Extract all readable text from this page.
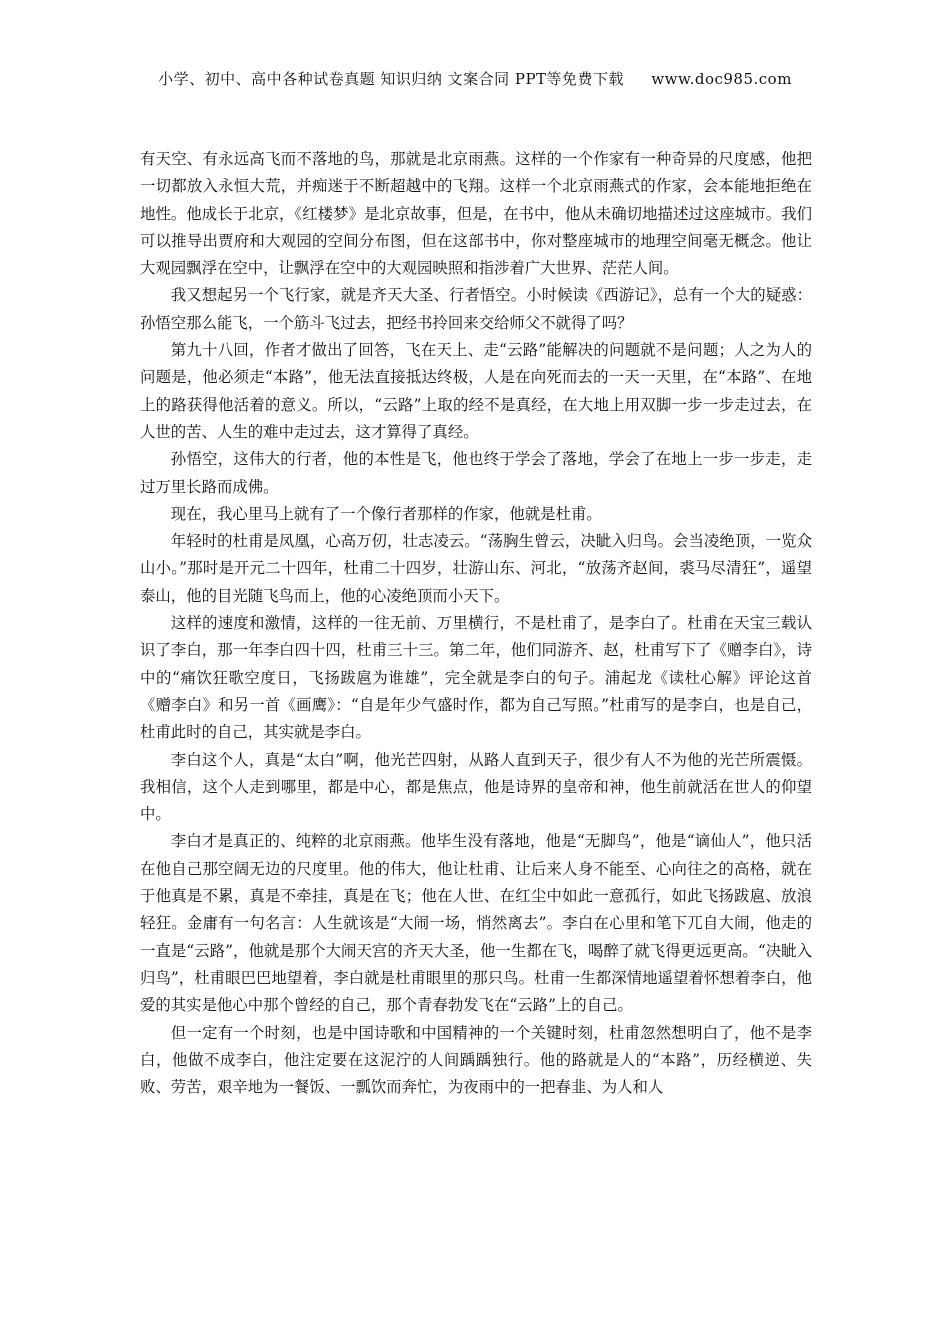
小学、初中、高中各种试卷真题 知识归纳 文案合同 PPT等免费下载 www.doc985.com

有天空、有永远高飞而不落地的鸟，那就是北京雨燕。这样的一个作家有一种奇异的尺度感，他把一切都放入永恒大荒，并痴迷于不断超越中的飞翔。这样一个北京雨燕式的作家，会本能地拒绝在地性。他成长于北京，《红楼梦》是北京故事，但是，在书中，他从未确切地描述过这座城市。我们可以推导出贾府和大观园的空间分布图，但在这部书中，你对整座城市的地理空间毫无概念。他让大观园飘浮在空中，让飘浮在空中的大观园映照和指涉着广大世界、茫茫人间。

我又想起另一个飞行家，就是齐天大圣、行者悟空。小时候读《西游记》，总有一个大的疑惑：孙悟空那么能飞，一个筋斗飞过去，把经书拎回来交给师父不就得了吗？

第九十八回，作者才做出了回答，飞在天上、走“云路”能解决的问题就不是问题；人之为人的问题是，他必须走“本路”，他无法直接抵达终极，人是在向死而去的一天一天里，在“本路”、在地上的路获得他活着的意义。所以，“云路”上取的经不是真经，在大地上用双脚一步一步走过去，在人世的苦、人生的难中走过去，这才算得了真经。

孙悟空，这伟大的行者，他的本性是飞，他也终于学会了落地，学会了在地上一步一步走，走过万里长路而成佛。

现在，我心里马上就有了一个像行者那样的作家，他就是杜甫。

年轻时的杜甫是凤凰，心高万仞，壮志凌云。“荡胸生曾云，决眦入归鸟。会当凌绝顶，一览众山小。”那时是开元二十四年，杜甫二十四岁，壮游山东、河北，“放荡齐赵间，裘马尽清狂”，遥望泰山，他的目光随飞鸟而上，他的心凌绝顶而小天下。

这样的速度和激情，这样的一往无前、万里横行，不是杜甫了，是李白了。杜甫在天宝三载认识了李白，那一年李白四十四，杜甫三十三。第二年，他们同游齐、赵，杜甫写下了《赠李白》，诗中的“痛饮狂歌空度日，飞扬跋扈为谁雄”，完全就是李白的句子。浦起龙《读杜心解》评论这首《赠李白》和另一首《画鹰》：“自是年少气盛时作，都为自己写照。”杜甫写的是李白，也是自己，杜甫此时的自己，其实就是李白。

李白这个人，真是“太白”啊，他光芒四射，从路人直到天子，很少有人不为他的光芒所震慑。我相信，这个人走到哪里，都是中心，都是焦点，他是诗界的皇帝和神，他生前就活在世人的仰望中。

李白才是真正的、纯粹的北京雨燕。他毕生没有落地，他是“无脚鸟”，他是“谪仙人”，他只活在他自己那空阔无边的尺度里。他的伟大，他让杜甫、让后来人身不能至、心向往之的高格，就在于他真是不累，真是不牵挂，真是在飞；他在人世、在红尘中如此一意孤行，如此飞扬跋扈、放浪轻狂。金庸有一句名言：人生就该是“大闹一场，悄然离去”。李白在心里和笔下兀自大闹，他走的一直是“云路”，他就是那个大闹天宫的齐天大圣，他一生都在飞，喝醉了就飞得更远更高。“决眦入归鸟”，杜甫眼巴巴地望着，李白就是杜甫眼里的那只鸟。杜甫一生都深情地遥望着怀想着李白，他爱的其实是他心中那个曾经的自己，那个青春勃发飞在“云路”上的自己。

但一定有一个时刻，也是中国诗歌和中国精神的一个关键时刻，杜甫忽然想明白了，他不是李白，他做不成李白，他注定要在这泥泞的人间踽踽独行。他的路就是人的“本路”，历经横逆、失败、劳苦，艰辛地为一餐饭、一瓢饮而奔忙，为夜雨中的一把春韭、为人和人
